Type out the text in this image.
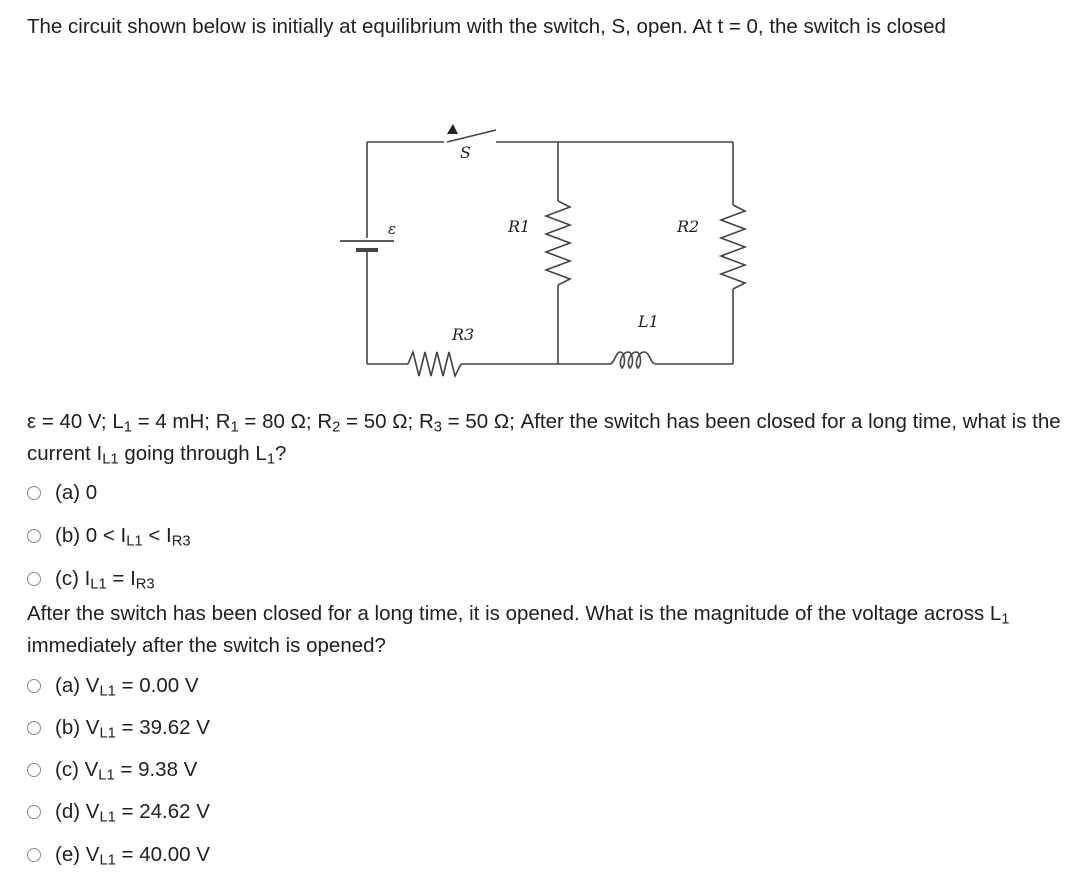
The circuit shown below is initially at equilibrium with the switch, S, open. At t = 0, the switch is closed
S
ε	R1	R2
R3
L1
ε = 40 V; $L_1 = 4$ mH; $R_1 = 80$ Ω; $R_2 = 50$ Ω; $R_3 = 50$ Ω; After the switch has been closed for a long time, what is the current $I_{L1}$ going through $L_1$?
(a) 0
(b) $0 < I_{L1} < I_{R3}$
(c) $I_{L1} = I_{R3}$
After the switch has been closed for a long time, it is opened. What is the magnitude of the voltage across $L_1$ immediately after the switch is opened?
(a) $V_{L1} = 0.00$ V
(b) $V_{L1} = 39.62$ V
(c) $V_{L1} = 9.38$ V
(d) $V_{L1} = 24.62$ V
(e) $V_{L1} = 40.00$ V
